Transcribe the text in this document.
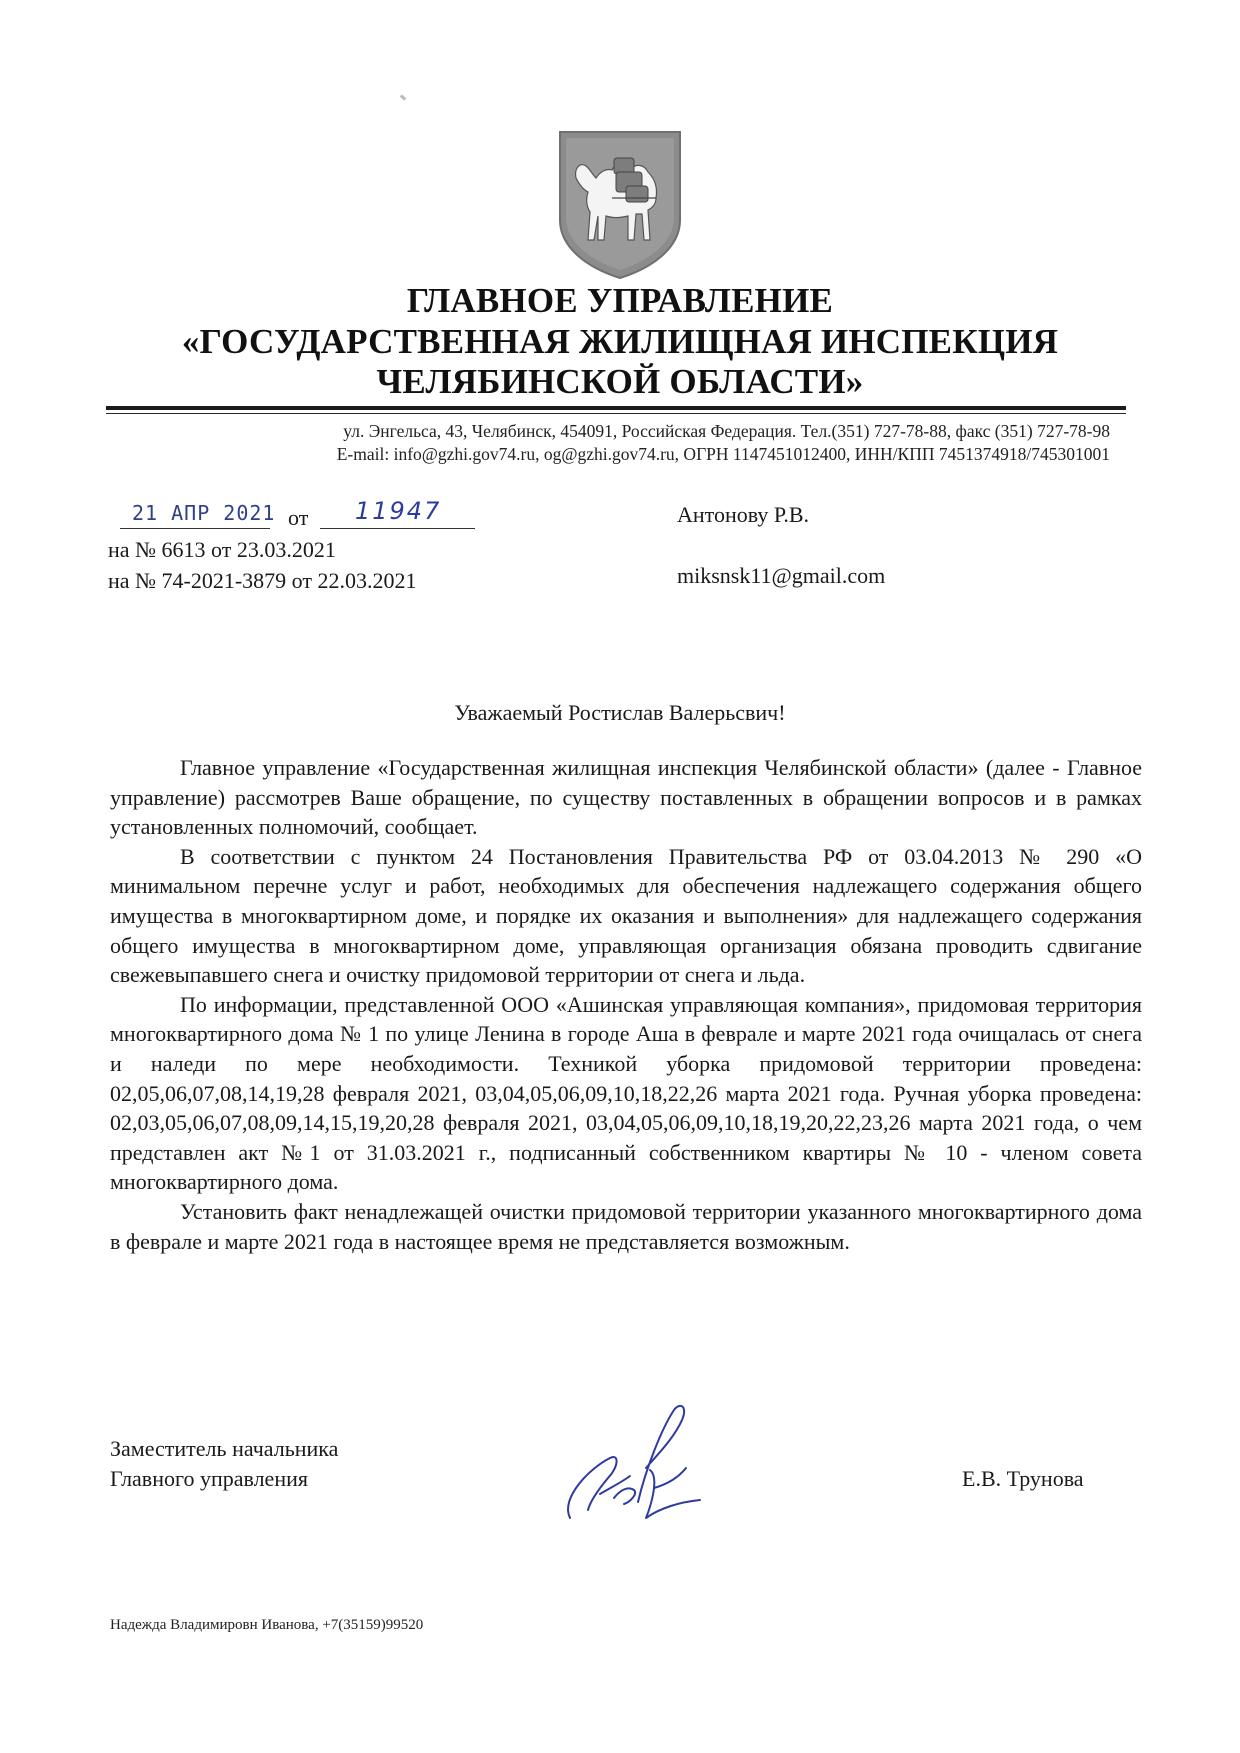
ГЛАВНОЕ УПРАВЛЕНИЕ
«ГОСУДАРСТВЕННАЯ ЖИЛИЩНАЯ ИНСПЕКЦИЯ
ЧЕЛЯБИНСКОЙ ОБЛАСТИ»
ул. Энгельса, 43, Челябинск, 454091, Российская Федерация. Тел.(351) 727-78-88, факс (351) 727-78-98
E-mail: info@gzhi.gov74.ru, og@gzhi.gov74.ru, ОГРН 1147451012400, ИНН/КПП 7451374918/745301001
21 АПР 2021 от 11947
на № 6613 от 23.03.2021
на № 74-2021-3879 от 22.03.2021
Антонову Р.В.
miksnsk11@gmail.com
Уважаемый Ростислав Валерьсвич!

Главное управление «Государственная жилищная инспекция Челябинской области» (далее - Главное управление) рассмотрев Ваше обращение, по существу поставленных в обращении вопросов и в рамках установленных полномочий, сообщает.

В соответствии с пунктом 24 Постановления Правительства РФ от 03.04.2013 № 290 «О минимальном перечне услуг и работ, необходимых для обеспечения надлежащего содержания общего имущества в многоквартирном доме, и порядке их оказания и выполнения» для надлежащего содержания общего имущества в многоквартирном доме, управляющая организация обязана проводить сдвигание свежевыпавшего снега и очистку придомовой территории от снега и льда.

По информации, представленной ООО «Ашинская управляющая компания», придомовая территория многоквартирного дома № 1 по улице Ленина в городе Аша в феврале и марте 2021 года очищалась от снега и наледи по мере необходимости. Техникой уборка придомовой территории проведена: 02,05,06,07,08,14,19,28 февраля 2021, 03,04,05,06,09,10,18,22,26 марта 2021 года. Ручная уборка проведена: 02,03,05,06,07,08,09,14,15,19,20,28 февраля 2021, 03,04,05,06,09,10,18,19,20,22,23,26 марта 2021 года, о чем представлен акт №1 от 31.03.2021 г., подписанный собственником квартиры № 10 - членом совета многоквартирного дома.

Установить факт ненадлежащей очистки придомовой территории указанного многоквартирного дома в феврале и марте 2021 года в настоящее время не представляется возможным.

Заместитель начальника
Главного управления	Е.В. Трунова
Надежда Владимировн Иванова, +7(35159)99520
